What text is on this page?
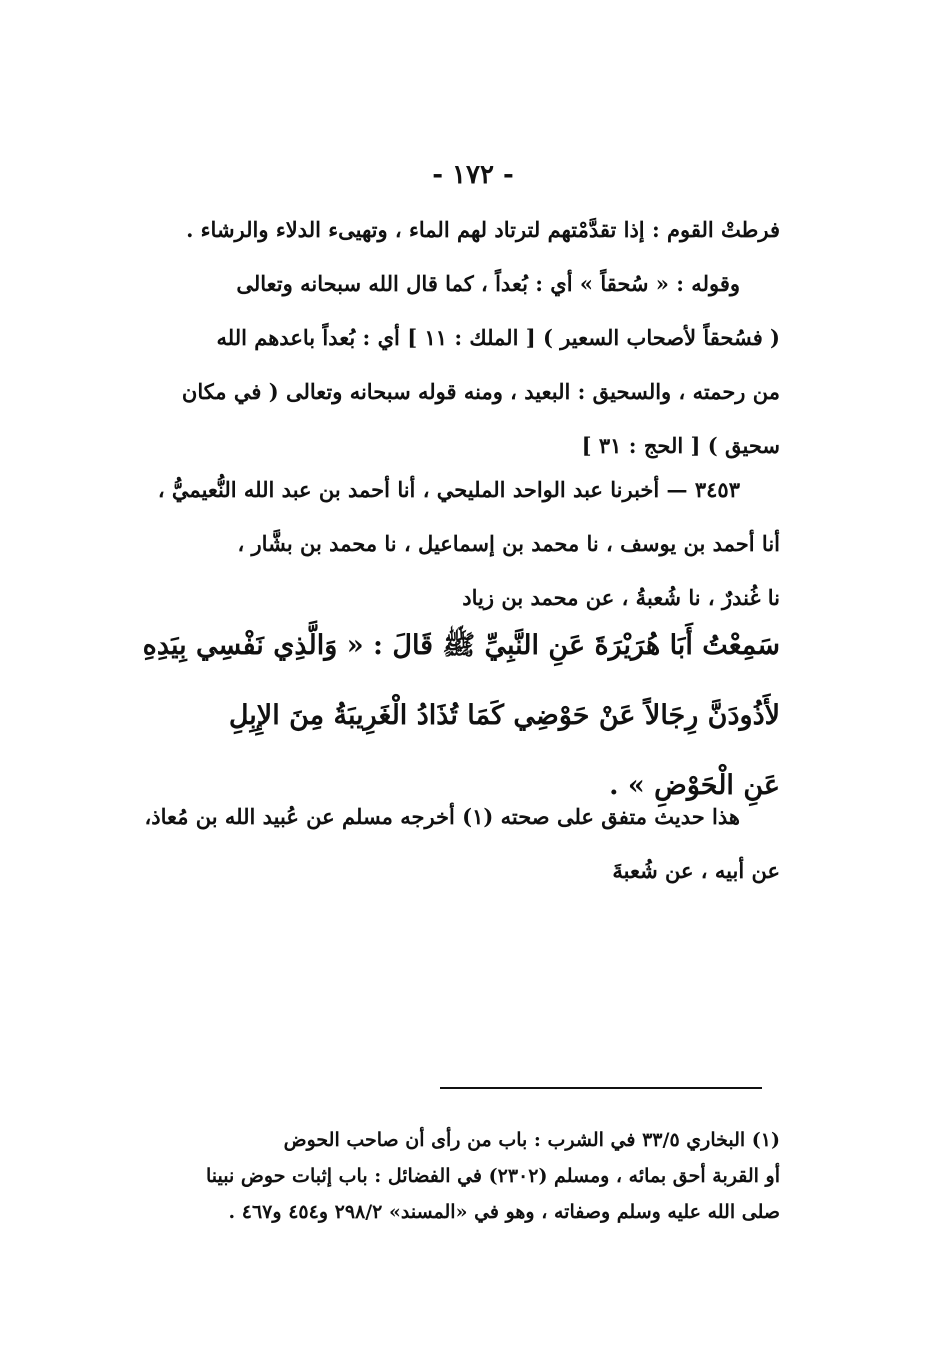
- ١٧٢ -
فرطتْ القوم : إذا تقدَّمْتهم لترتاد لهم الماء ، وتهيىء الدلاء والرشاء .
وقوله : « سُحقاً » أي : بُعداً ، كما قال الله سبحانه وتعالى
( فسُحقاً لأصحاب السعير ) [ الملك : ١١ ] أي : بُعداً باعدهم الله
من رحمته ، والسحيق : البعيد ، ومنه قوله سبحانه وتعالى ( في مكان
سحيق ) [ الحج : ٣١ ]
٣٤٥٣ — أخبرنا عبد الواحد المليحي ، أنا أحمد بن عبد الله النُّعيميُّ ،
أنا أحمد بن يوسف ، نا محمد بن إسماعيل ، نا محمد بن بشَّار ،
نا غُندرٌ ، نا شُعبةُ ، عن محمد بن زياد
سَمِعْتُ أَبَا هُرَيْرَةَ عَنِ النَّبِيِّ ﷺ قَالَ : « وَالَّذِي نَفْسِي بِيَدِهِ
لأَذُودَنَّ رِجَالاً عَنْ حَوْضِي كَمَا تُذَادُ الْغَرِيبَةُ مِنَ الإِبِلِ
عَنِ الْحَوْضِ » .
هذا حديث متفق على صحته (١) أخرجه مسلم عن عُبيد الله بن مُعاذ،
عن أبيه ، عن شُعبةَ
(١) البخاري ٣٣/٥ في الشرب : باب من رأى أن صاحب الحوض
أو القربة أحق بمائه ، ومسلم (٢٣٠٢) في الفضائل : باب إثبات حوض نبينا
صلى الله عليه وسلم وصفاته ، وهو في «المسند» ٢٩٨/٢ و٤٥٤ و٤٦٧ .
